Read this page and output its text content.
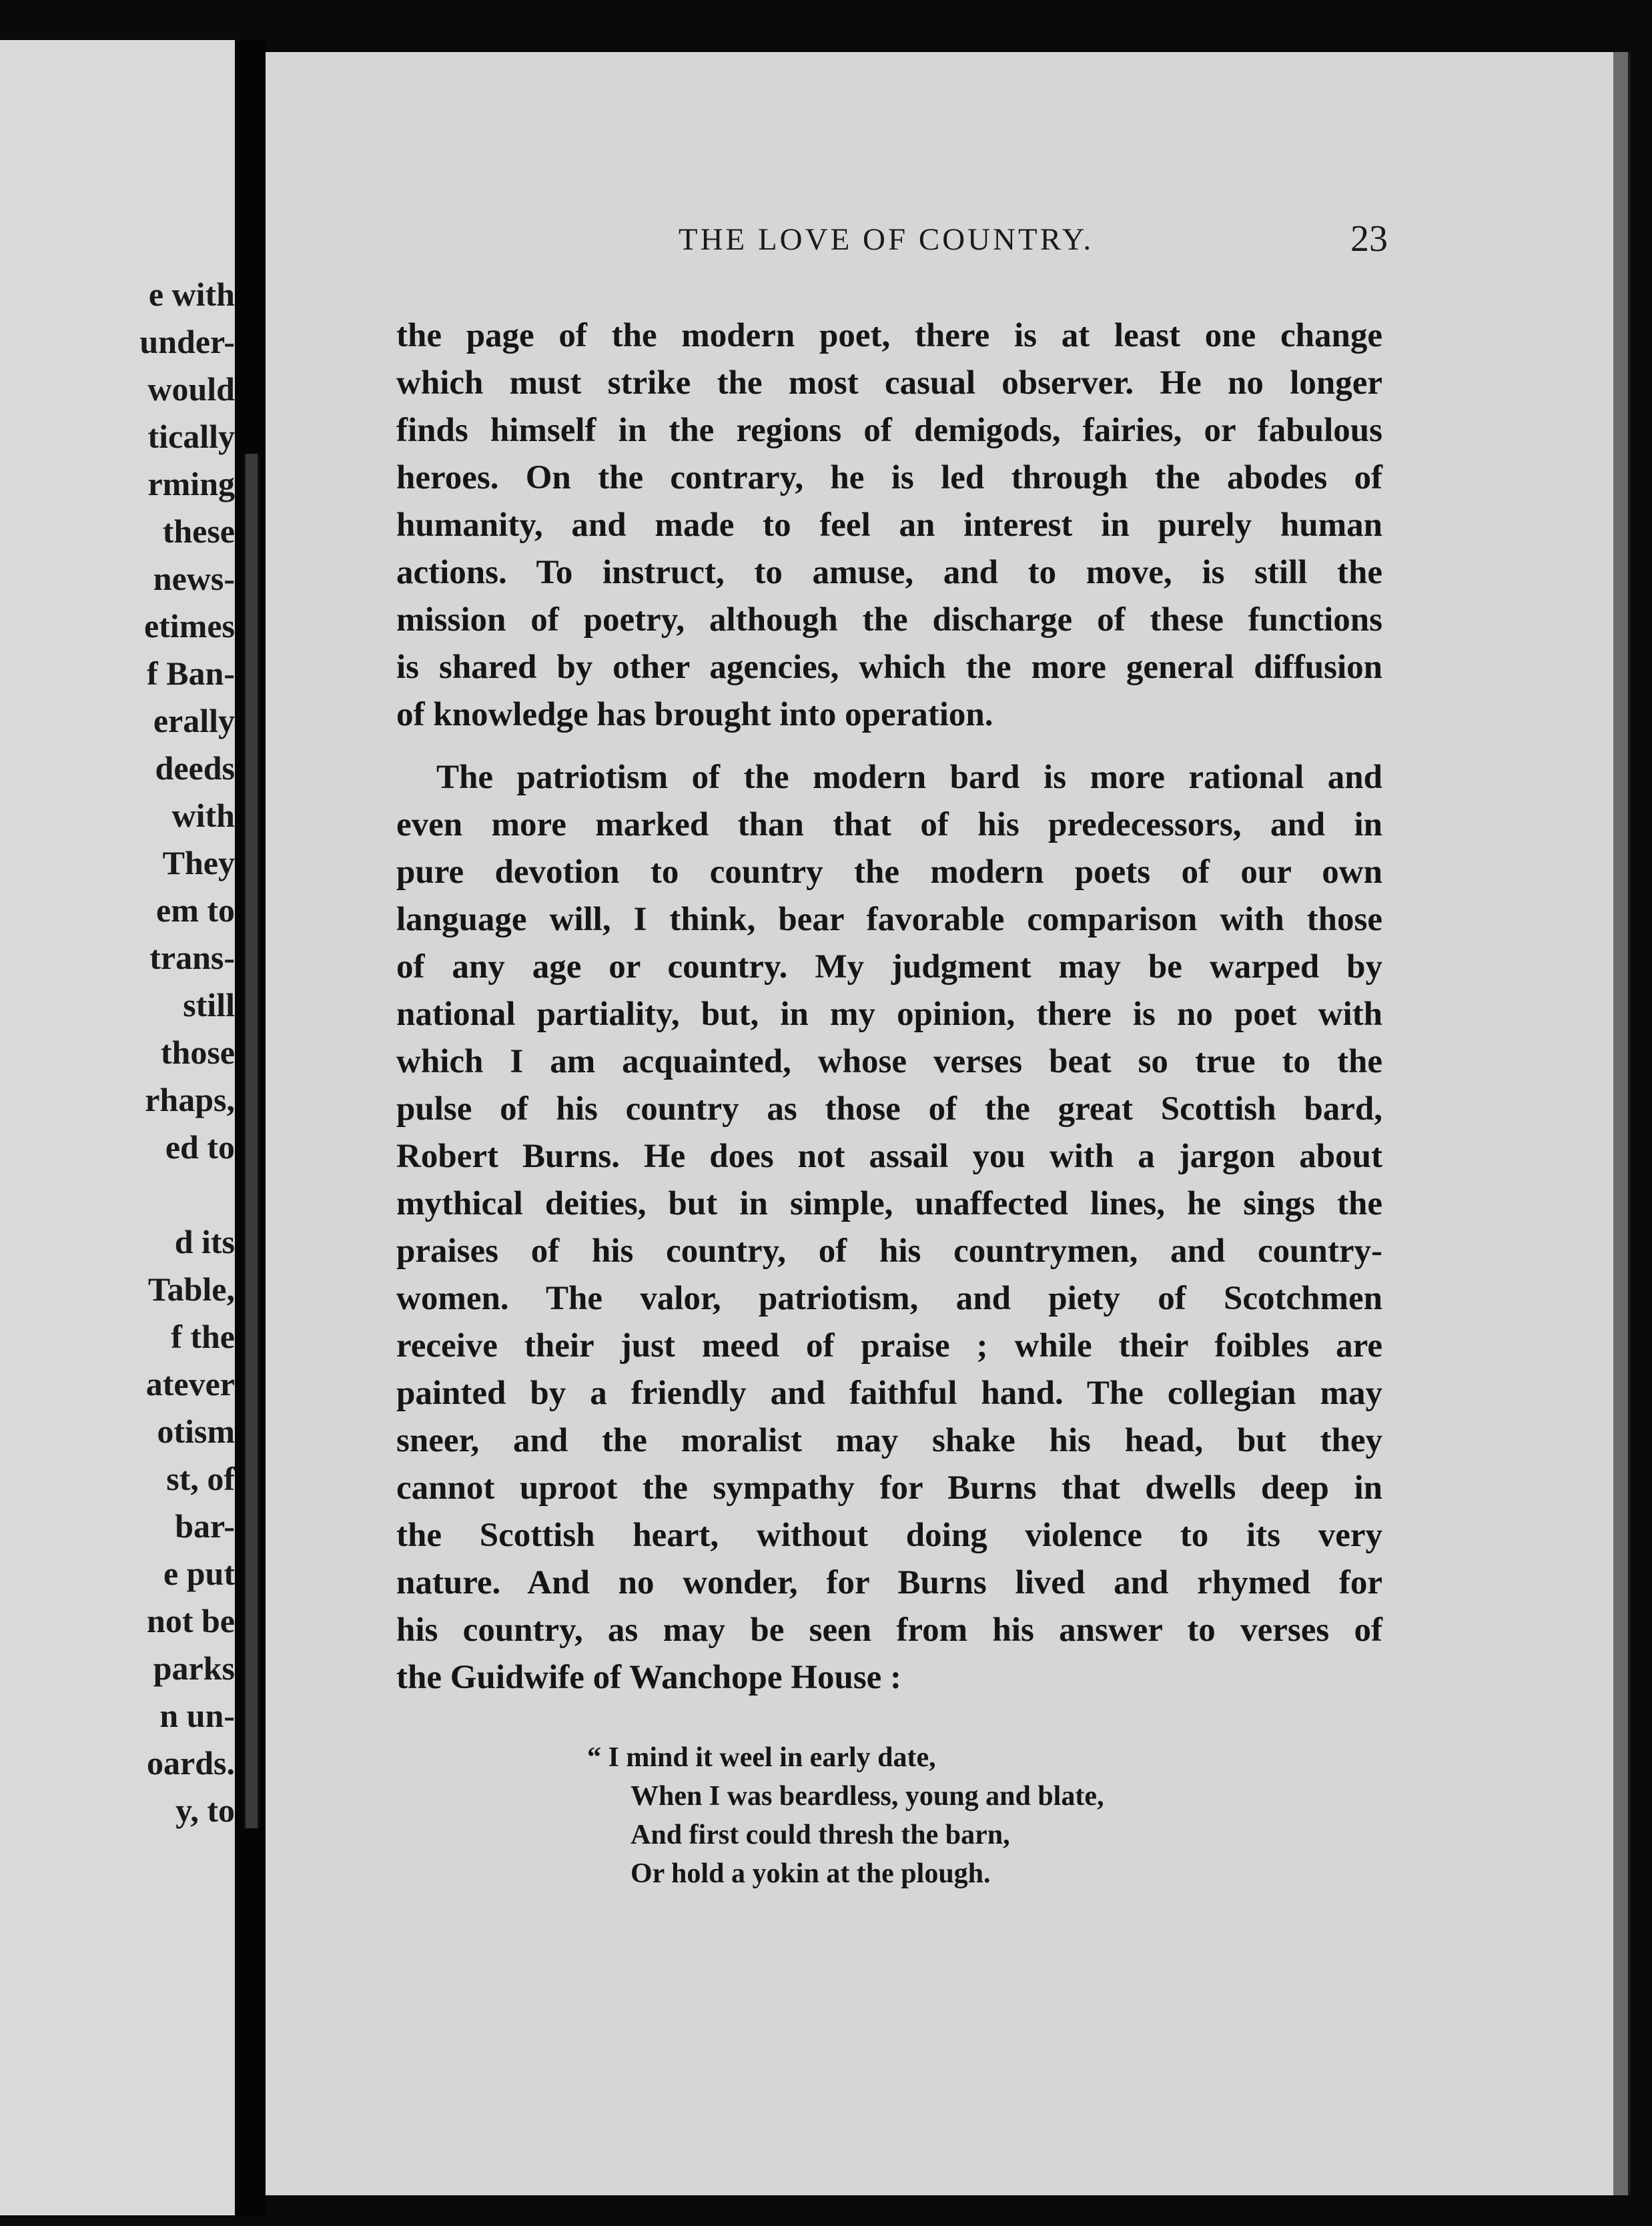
e with
under-
would
tically
rming
these
news-
etimes
f Ban-
erally
deeds
with
They
em to
trans-
still
those
rhaps,
ed to
d its
Table,
f the
atever
otism
st, of
bar-
e put
not be
parks
n un-
oards.
y, to
THE LOVE OF COUNTRY.	23

the page of the modern poet, there is at least one change

which must strike the most casual observer. He no longer

finds himself in the regions of demigods, fairies, or fabulous

heroes. On the contrary, he is led through the abodes of

humanity, and made to feel an interest in purely human

actions. To instruct, to amuse, and to move, is still the

mission of poetry, although the discharge of these functions

is shared by other agencies, which the more general diffusion

of knowledge has brought into operation.

The patriotism of the modern bard is more rational and

even more marked than that of his predecessors, and in

pure devotion to country the modern poets of our own

language will, I think, bear favorable comparison with those

of any age or country. My judgment may be warped by

national partiality, but, in my opinion, there is no poet with

which I am acquainted, whose verses beat so true to the

pulse of his country as those of the great Scottish bard,

Robert Burns. He does not assail you with a jargon about

mythical deities, but in simple, unaffected lines, he sings the

praises of his country, of his countrymen, and country-

women. The valor, patriotism, and piety of Scotchmen

receive their just meed of praise ; while their foibles are

painted by a friendly and faithful hand. The collegian may

sneer, and the moralist may shake his head, but they

cannot uproot the sympathy for Burns that dwells deep in

the Scottish heart, without doing violence to its very

nature. And no wonder, for Burns lived and rhymed for

his country, as may be seen from his answer to verses of

the Guidwife of Wanchope House :

“ I mind it weel in early date,

When I was beardless, young and blate,

And first could thresh the barn,

Or hold a yokin at the plough.
